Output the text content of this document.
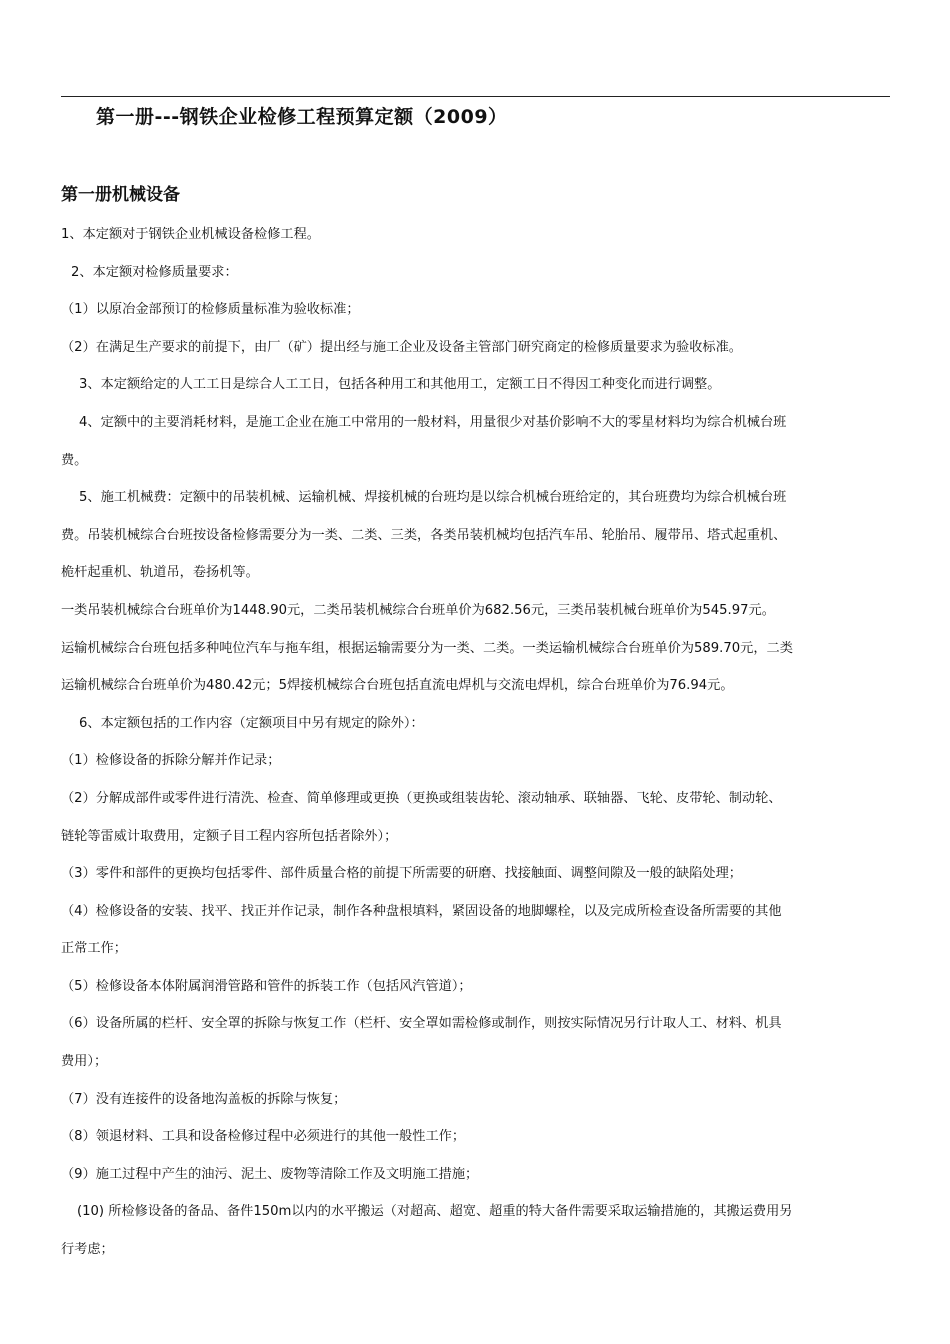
第一册---钢铁企业检修工程预算定额（2009）
第一册机械设备

1、本定额对于钢铁企业机械设备检修工程。

2、本定额对检修质量要求：

（1）以原冶金部预订的检修质量标准为验收标准；

（2）在满足生产要求的前提下，由厂（矿）提出经与施工企业及设备主管部门研究商定的检修质量要求为验收标准。

3、本定额给定的人工工日是综合人工工日，包括各种用工和其他用工，定额工日不得因工种变化而进行调整。

4、定额中的主要消耗材料，是施工企业在施工中常用的一般材料，用量很少对基价影响不大的零星材料均为综合机械台班

费。

5、施工机械费：定额中的吊装机械、运输机械、焊接机械的台班均是以综合机械台班给定的，其台班费均为综合机械台班

费。吊装机械综合台班按设备检修需要分为一类、二类、三类，各类吊装机械均包括汽车吊、轮胎吊、履带吊、塔式起重机、

桅杆起重机、轨道吊，卷扬机等。

一类吊装机械综合台班单价为1448.90元，二类吊装机械综合台班单价为682.56元，三类吊装机械台班单价为545.97元。

运输机械综合台班包括多种吨位汽车与拖车组，根据运输需要分为一类、二类。一类运输机械综合台班单价为589.70元，二类

运输机械综合台班单价为480.42元；5焊接机械综合台班包括直流电焊机与交流电焊机，综合台班单价为76.94元。

6、本定额包括的工作内容（定额项目中另有规定的除外）：

（1）检修设备的拆除分解并作记录；

（2）分解成部件或零件进行清洗、检查、简单修理或更换（更换或组装齿轮、滚动轴承、联轴器、飞轮、皮带轮、制动轮、

链轮等雷威计取费用，定额子目工程内容所包括者除外）；

（3）零件和部件的更换均包括零件、部件质量合格的前提下所需要的研磨、找接触面、调整间隙及一般的缺陷处理；

（4）检修设备的安装、找平、找正并作记录，制作各种盘根填料，紧固设备的地脚螺栓，以及完成所检查设备所需要的其他

正常工作；

（5）检修设备本体附属润滑管路和管件的拆装工作（包括风汽管道）；

（6）设备所属的栏杆、安全罩的拆除与恢复工作（栏杆、安全罩如需检修或制作，则按实际情况另行计取人工、材料、机具

费用）；

（7）没有连接件的设备地沟盖板的拆除与恢复；

（8）领退材料、工具和设备检修过程中必须进行的其他一般性工作；

（9）施工过程中产生的油污、泥土、废物等清除工作及文明施工措施；

(10) 所检修设备的备品、备件150m以内的水平搬运（对超高、超宽、超重的特大备件需要采取运输措施的，其搬运费用另

行考虑；
